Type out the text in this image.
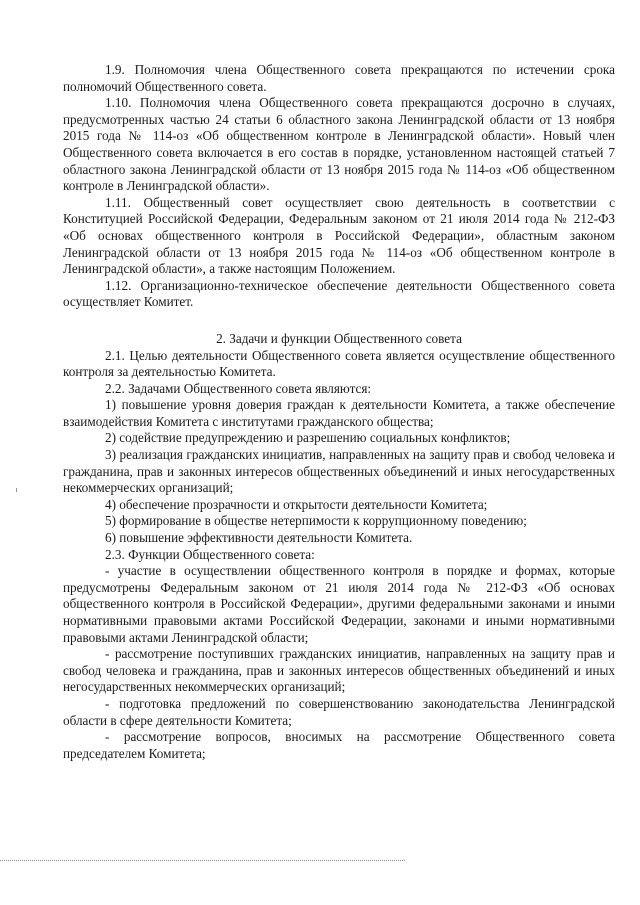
1.9. Полномочия члена Общественного совета прекращаются по истечении срока полномочий Общественного совета.

1.10. Полномочия члена Общественного совета прекращаются досрочно в случаях, предусмотренных частью 24 статьи 6 областного закона Ленинградской области от 13 ноября 2015 года № 114-оз «Об общественном контроле в Ленинградской области». Новый член Общественного совета включается в его состав в порядке, установленном настоящей статьей 7 областного закона Ленинградской области от 13 ноября 2015 года № 114-оз «Об общественном контроле в Ленинградской области».

1.11. Общественный совет осуществляет свою деятельность в соответствии с Конституцией Российской Федерации, Федеральным законом от 21 июля 2014 года № 212-ФЗ «Об основах общественного контроля в Российской Федерации», областным законом Ленинградской области от 13 ноября 2015 года № 114-оз «Об общественном контроле в Ленинградской области», а также настоящим Положением.

1.12. Организационно-техническое обеспечение деятельности Общественного совета осуществляет Комитет.

2. Задачи и функции Общественного совета

2.1. Целью деятельности Общественного совета является осуществление общественного контроля за деятельностью Комитета.

2.2. Задачами Общественного совета являются:

1) повышение уровня доверия граждан к деятельности Комитета, а также обеспечение взаимодействия Комитета с институтами гражданского общества;

2) содействие предупреждению и разрешению социальных конфликтов;

3) реализация гражданских инициатив, направленных на защиту прав и свобод человека и гражданина, прав и законных интересов общественных объединений и иных негосударственных некоммерческих организаций;

4) обеспечение прозрачности и открытости деятельности Комитета;

5) формирование в обществе нетерпимости к коррупционному поведению;

6) повышение эффективности деятельности Комитета.

2.3. Функции Общественного совета:

- участие в осуществлении общественного контроля в порядке и формах, которые предусмотрены Федеральным законом от 21 июля 2014 года № 212-ФЗ «Об основах общественного контроля в Российской Федерации», другими федеральными законами и иными нормативными правовыми актами Российской Федерации, законами и иными нормативными правовыми актами Ленинградской области;

- рассмотрение поступивших гражданских инициатив, направленных на защиту прав и свобод человека и гражданина, прав и законных интересов общественных объединений и иных негосударственных некоммерческих организаций;

- подготовка предложений по совершенствованию законодательства Ленинградской области в сфере деятельности Комитета;

- рассмотрение вопросов, вносимых на рассмотрение Общественного совета председателем Комитета;
